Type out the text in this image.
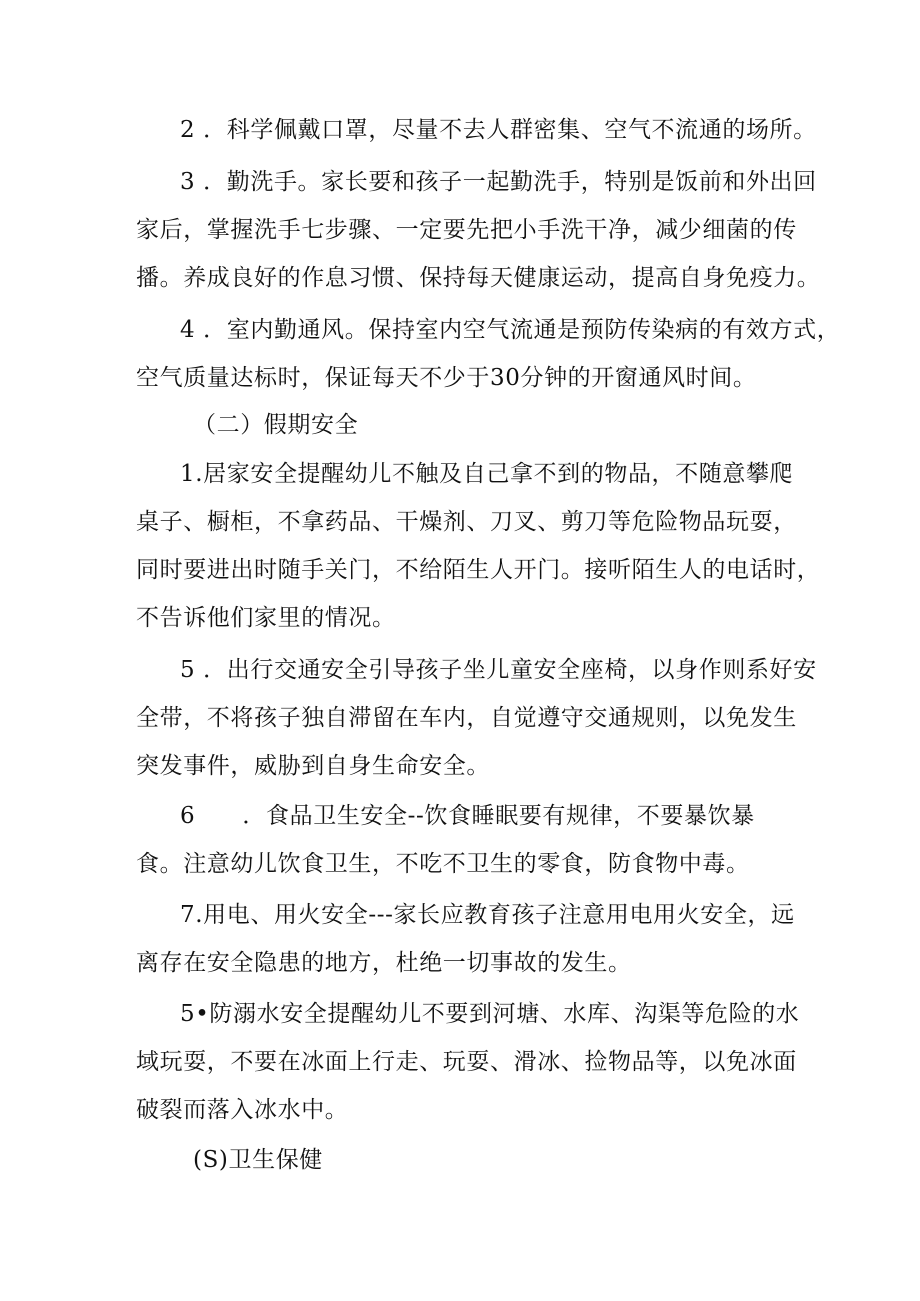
2 ．科学佩戴口罩，尽量不去人群密集、空气不流通的场所。
3 ．勤洗手。家长要和孩子一起勤洗手，特别是饭前和外出回
家后，掌握洗手七步骤、一定要先把小手洗干净，减少细菌的传
播。养成良好的作息习惯、保持每天健康运动，提高自身免疫力。
4 ．室内勤通风。保持室内空气流通是预防传染病的有效方式，
空气质量达标时，保证每天不少于30分钟的开窗通风时间。
（二）假期安全
1.居家安全提醒幼儿不触及自己拿不到的物品，不随意攀爬
桌子、橱柜，不拿药品、干燥剂、刀叉、剪刀等危险物品玩耍，
同时要进出时随手关门，不给陌生人开门。接听陌生人的电话时，
不告诉他们家里的情况。
5 ．出行交通安全引导孩子坐儿童安全座椅，以身作则系好安
全带，不将孩子独自滞留在车内，自觉遵守交通规则，以免发生
突发事件，威胁到自身生命安全。
6　　．食品卫生安全--饮食睡眠要有规律，不要暴饮暴
食。注意幼儿饮食卫生，不吃不卫生的零食，防食物中毒。
7.用电、用火安全---家长应教育孩子注意用电用火安全，远
离存在安全隐患的地方，杜绝一切事故的发生。
5•防溺水安全提醒幼儿不要到河塘、水库、沟渠等危险的水
域玩耍，不要在冰面上行走、玩耍、滑冰、捡物品等，以免冰面
破裂而落入冰水中。
(S)卫生保健
